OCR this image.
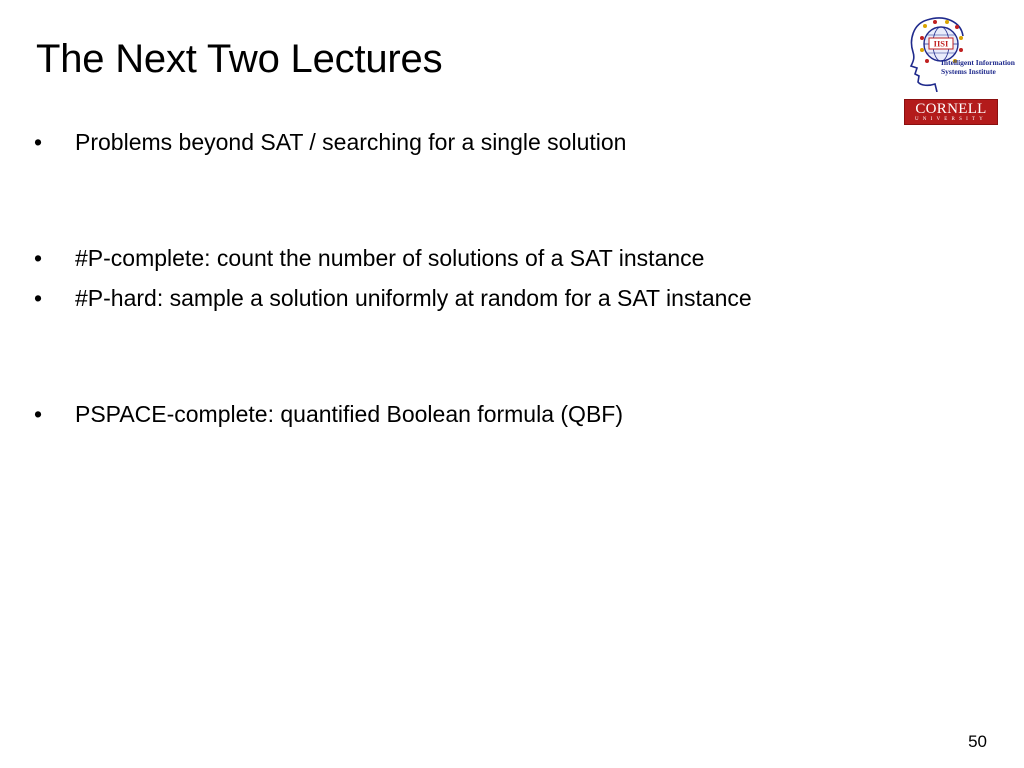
The Next Two Lectures	IISI
Intelligent Information
Systems Institute
CORNELL
UNIVERSITY
•	Problems beyond SAT / searching for a single solution
•	#P-complete: count the number of solutions of a SAT instance
•	#P-hard: sample a solution uniformly at random for a SAT instance
•	PSPACE-complete: quantified Boolean formula (QBF)
50
